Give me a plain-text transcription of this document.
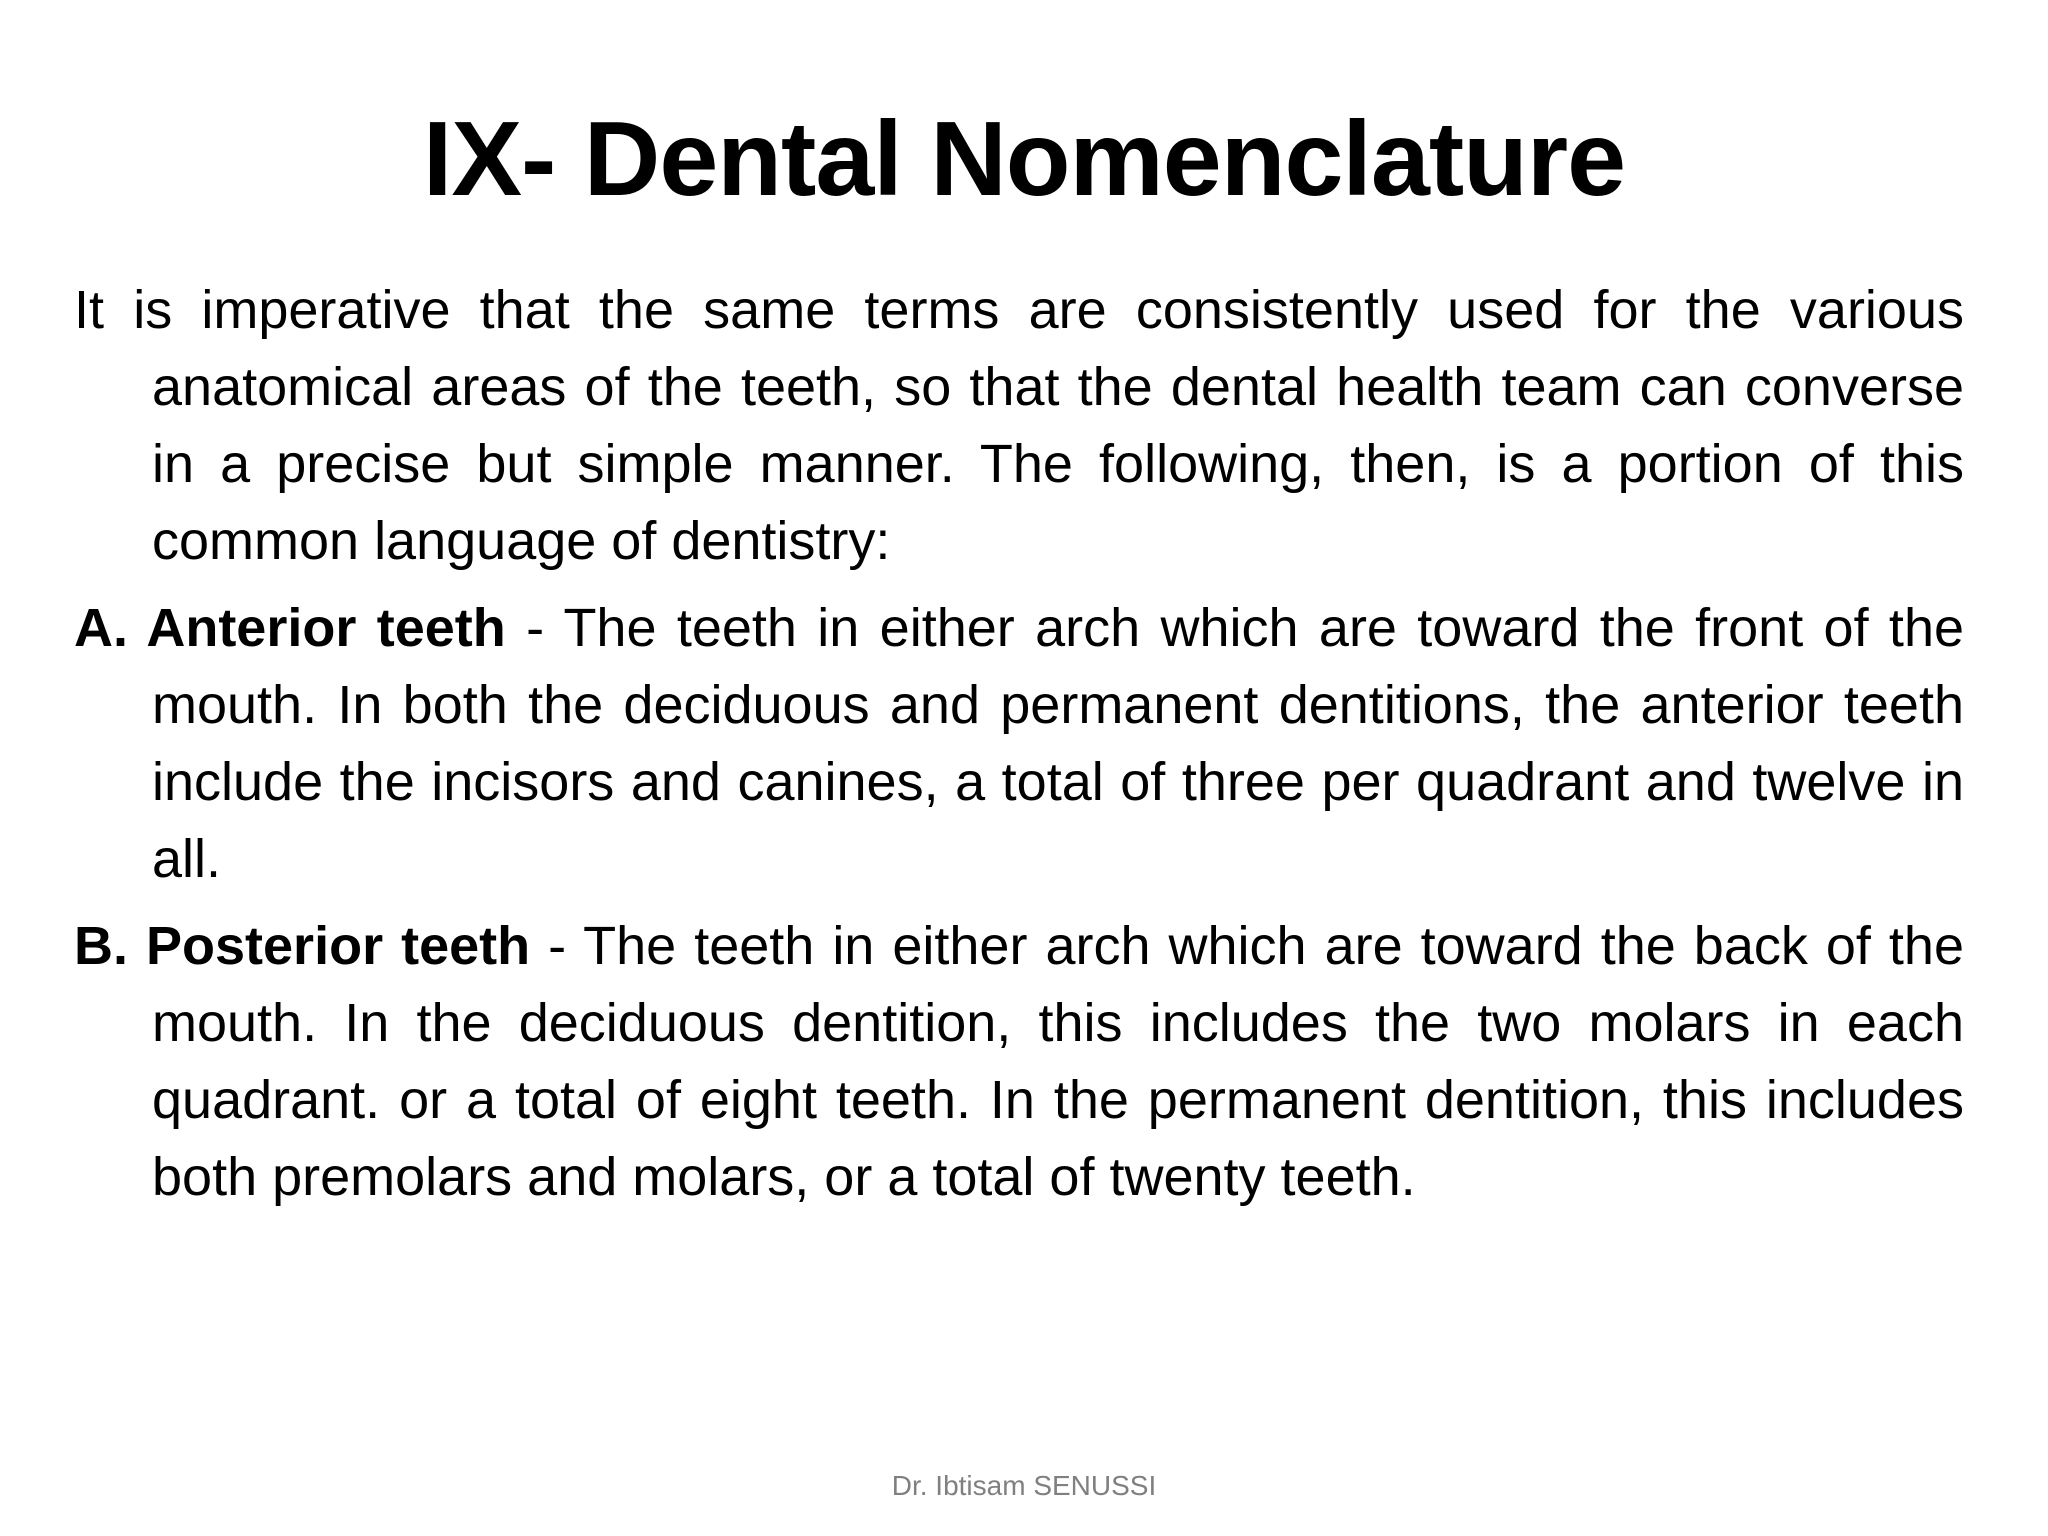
IX- Dental Nomenclature

It is imperative that the same terms are consistently used for the various anatomical areas of the teeth, so that the dental health team can converse in a precise but simple manner. The following, then, is a portion of this common language of dentistry:

A. Anterior teeth - The teeth in either arch which are toward the front of the mouth. In both the deciduous and permanent dentitions, the anterior teeth include the incisors and canines, a total of three per quadrant and twelve in all.

B. Posterior teeth - The teeth in either arch which are toward the back of the mouth. In the deciduous dentition, this includes the two molars in each quadrant. or a total of eight teeth. In the permanent dentition, this includes both premolars and molars, or a total of twenty teeth.

Dr. Ibtisam SENUSSI
